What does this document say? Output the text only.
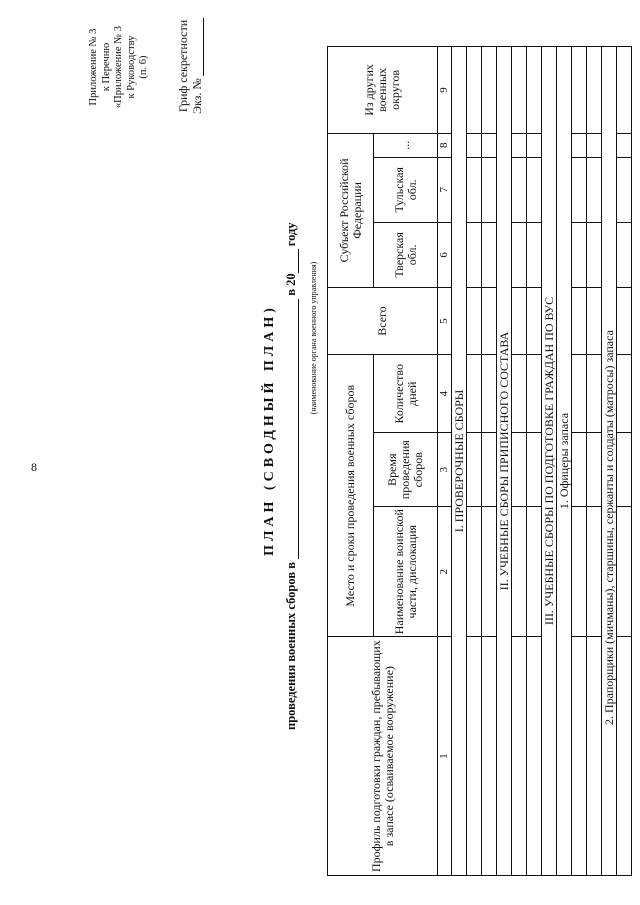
8
Приложение № 3 к Перечню «Приложение № 3 к Руководству (п. 6) Гриф секретности Экз. №
ПЛАН (СВОДНЫЙ ПЛАН)
проведения военных сборов в  в 20 году
(наименование органа военного управления)
Профиль подготовки граждан, пребывающих в запасе (осваиваемое вооружение)	Место и сроки проведения военных сборов			Всего	Субъект Российской Федерации			Из других военных округов
	Наименование воинской части, дислокация	Время проведения сборов	Количество дней		Тверская обл.	Тульская обл.	...	
1	2	3	4	5	6	7	8	9
I. ПРОВЕРОЧНЫЕ СБОРЫ								

II. УЧЕБНЫЕ СБОРЫ ПРИПИСНОГО СОСТАВА								

III. УЧЕБНЫЕ СБОРЫ ПО ПОДГОТОВКЕ ГРАЖДАН ПО ВУС								
1. Офицеры запаса								

2. Прапорщики (мичманы), старшины, сержанты и солдаты (матросы) запаса								
